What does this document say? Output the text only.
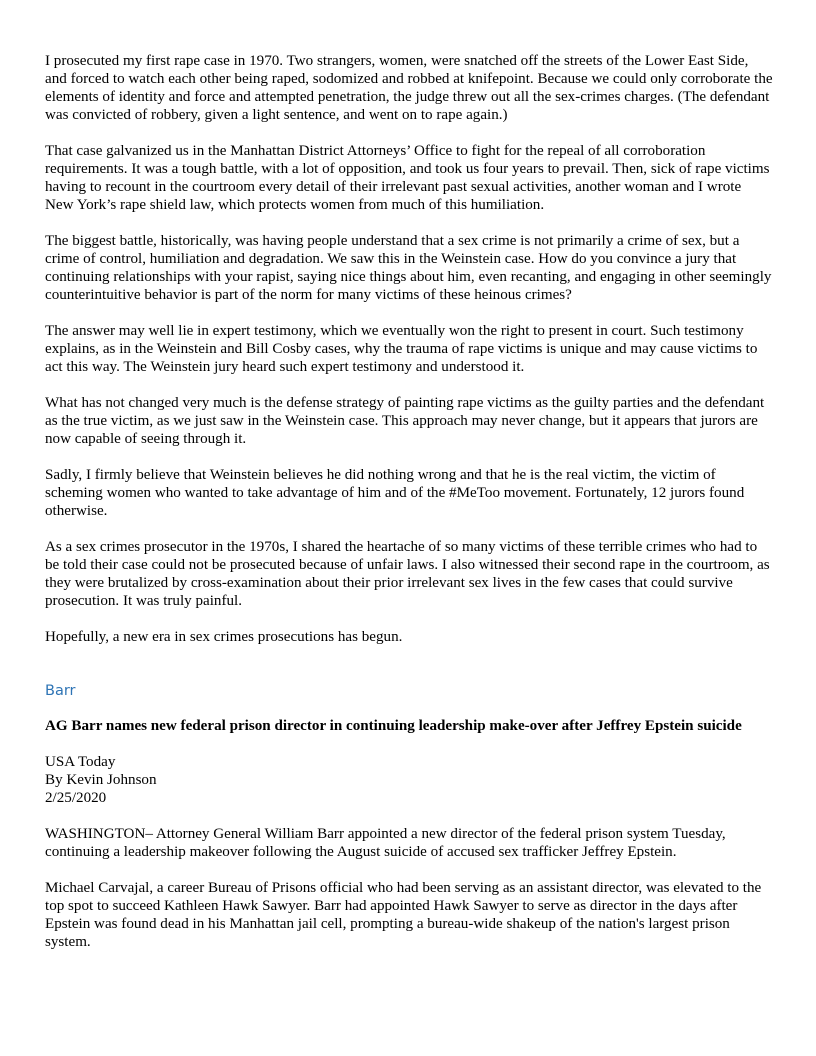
I prosecuted my first rape case in 1970. Two strangers, women, were snatched off the streets of the Lower East Side, and forced to watch each other being raped, sodomized and robbed at knifepoint. Because we could only corroborate the elements of identity and force and attempted penetration, the judge threw out all the sex-crimes charges. (The defendant was convicted of robbery, given a light sentence, and went on to rape again.)

That case galvanized us in the Manhattan District Attorneys’ Office to fight for the repeal of all corroboration requirements. It was a tough battle, with a lot of opposition, and took us four years to prevail. Then, sick of rape victims having to recount in the courtroom every detail of their irrelevant past sexual activities, another woman and I wrote New York’s rape shield law, which protects women from much of this humiliation.

The biggest battle, historically, was having people understand that a sex crime is not primarily a crime of sex, but a crime of control, humiliation and degradation. We saw this in the Weinstein case. How do you convince a jury that continuing relationships with your rapist, saying nice things about him, even recanting, and engaging in other seemingly counterintuitive behavior is part of the norm for many victims of these heinous crimes?

The answer may well lie in expert testimony, which we eventually won the right to present in court. Such testimony explains, as in the Weinstein and Bill Cosby cases, why the trauma of rape victims is unique and may cause victims to act this way. The Weinstein jury heard such expert testimony and understood it.

What has not changed very much is the defense strategy of painting rape victims as the guilty parties and the defendant as the true victim, as we just saw in the Weinstein case. This approach may never change, but it appears that jurors are now capable of seeing through it.

Sadly, I firmly believe that Weinstein believes he did nothing wrong and that he is the real victim, the victim of scheming women who wanted to take advantage of him and of the #MeToo movement. Fortunately, 12 jurors found otherwise.

As a sex crimes prosecutor in the 1970s, I shared the heartache of so many victims of these terrible crimes who had to be told their case could not be prosecuted because of unfair laws. I also witnessed their second rape in the courtroom, as they were brutalized by cross-examination about their prior irrelevant sex lives in the few cases that could survive prosecution. It was truly painful.

Hopefully, a new era in sex crimes prosecutions has begun.

Barr

AG Barr names new federal prison director in continuing leadership make-over after Jeffrey Epstein suicide

USA Today
By Kevin Johnson
2/25/2020

WASHINGTON– Attorney General William Barr appointed a new director of the federal prison system Tuesday, continuing a leadership makeover following the August suicide of accused sex trafficker Jeffrey Epstein.

Michael Carvajal, a career Bureau of Prisons official who had been serving as an assistant director, was elevated to the top spot to succeed Kathleen Hawk Sawyer. Barr had appointed Hawk Sawyer to serve as director in the days after Epstein was found dead in his Manhattan jail cell, prompting a bureau-wide shakeup of the nation's largest prison system.
